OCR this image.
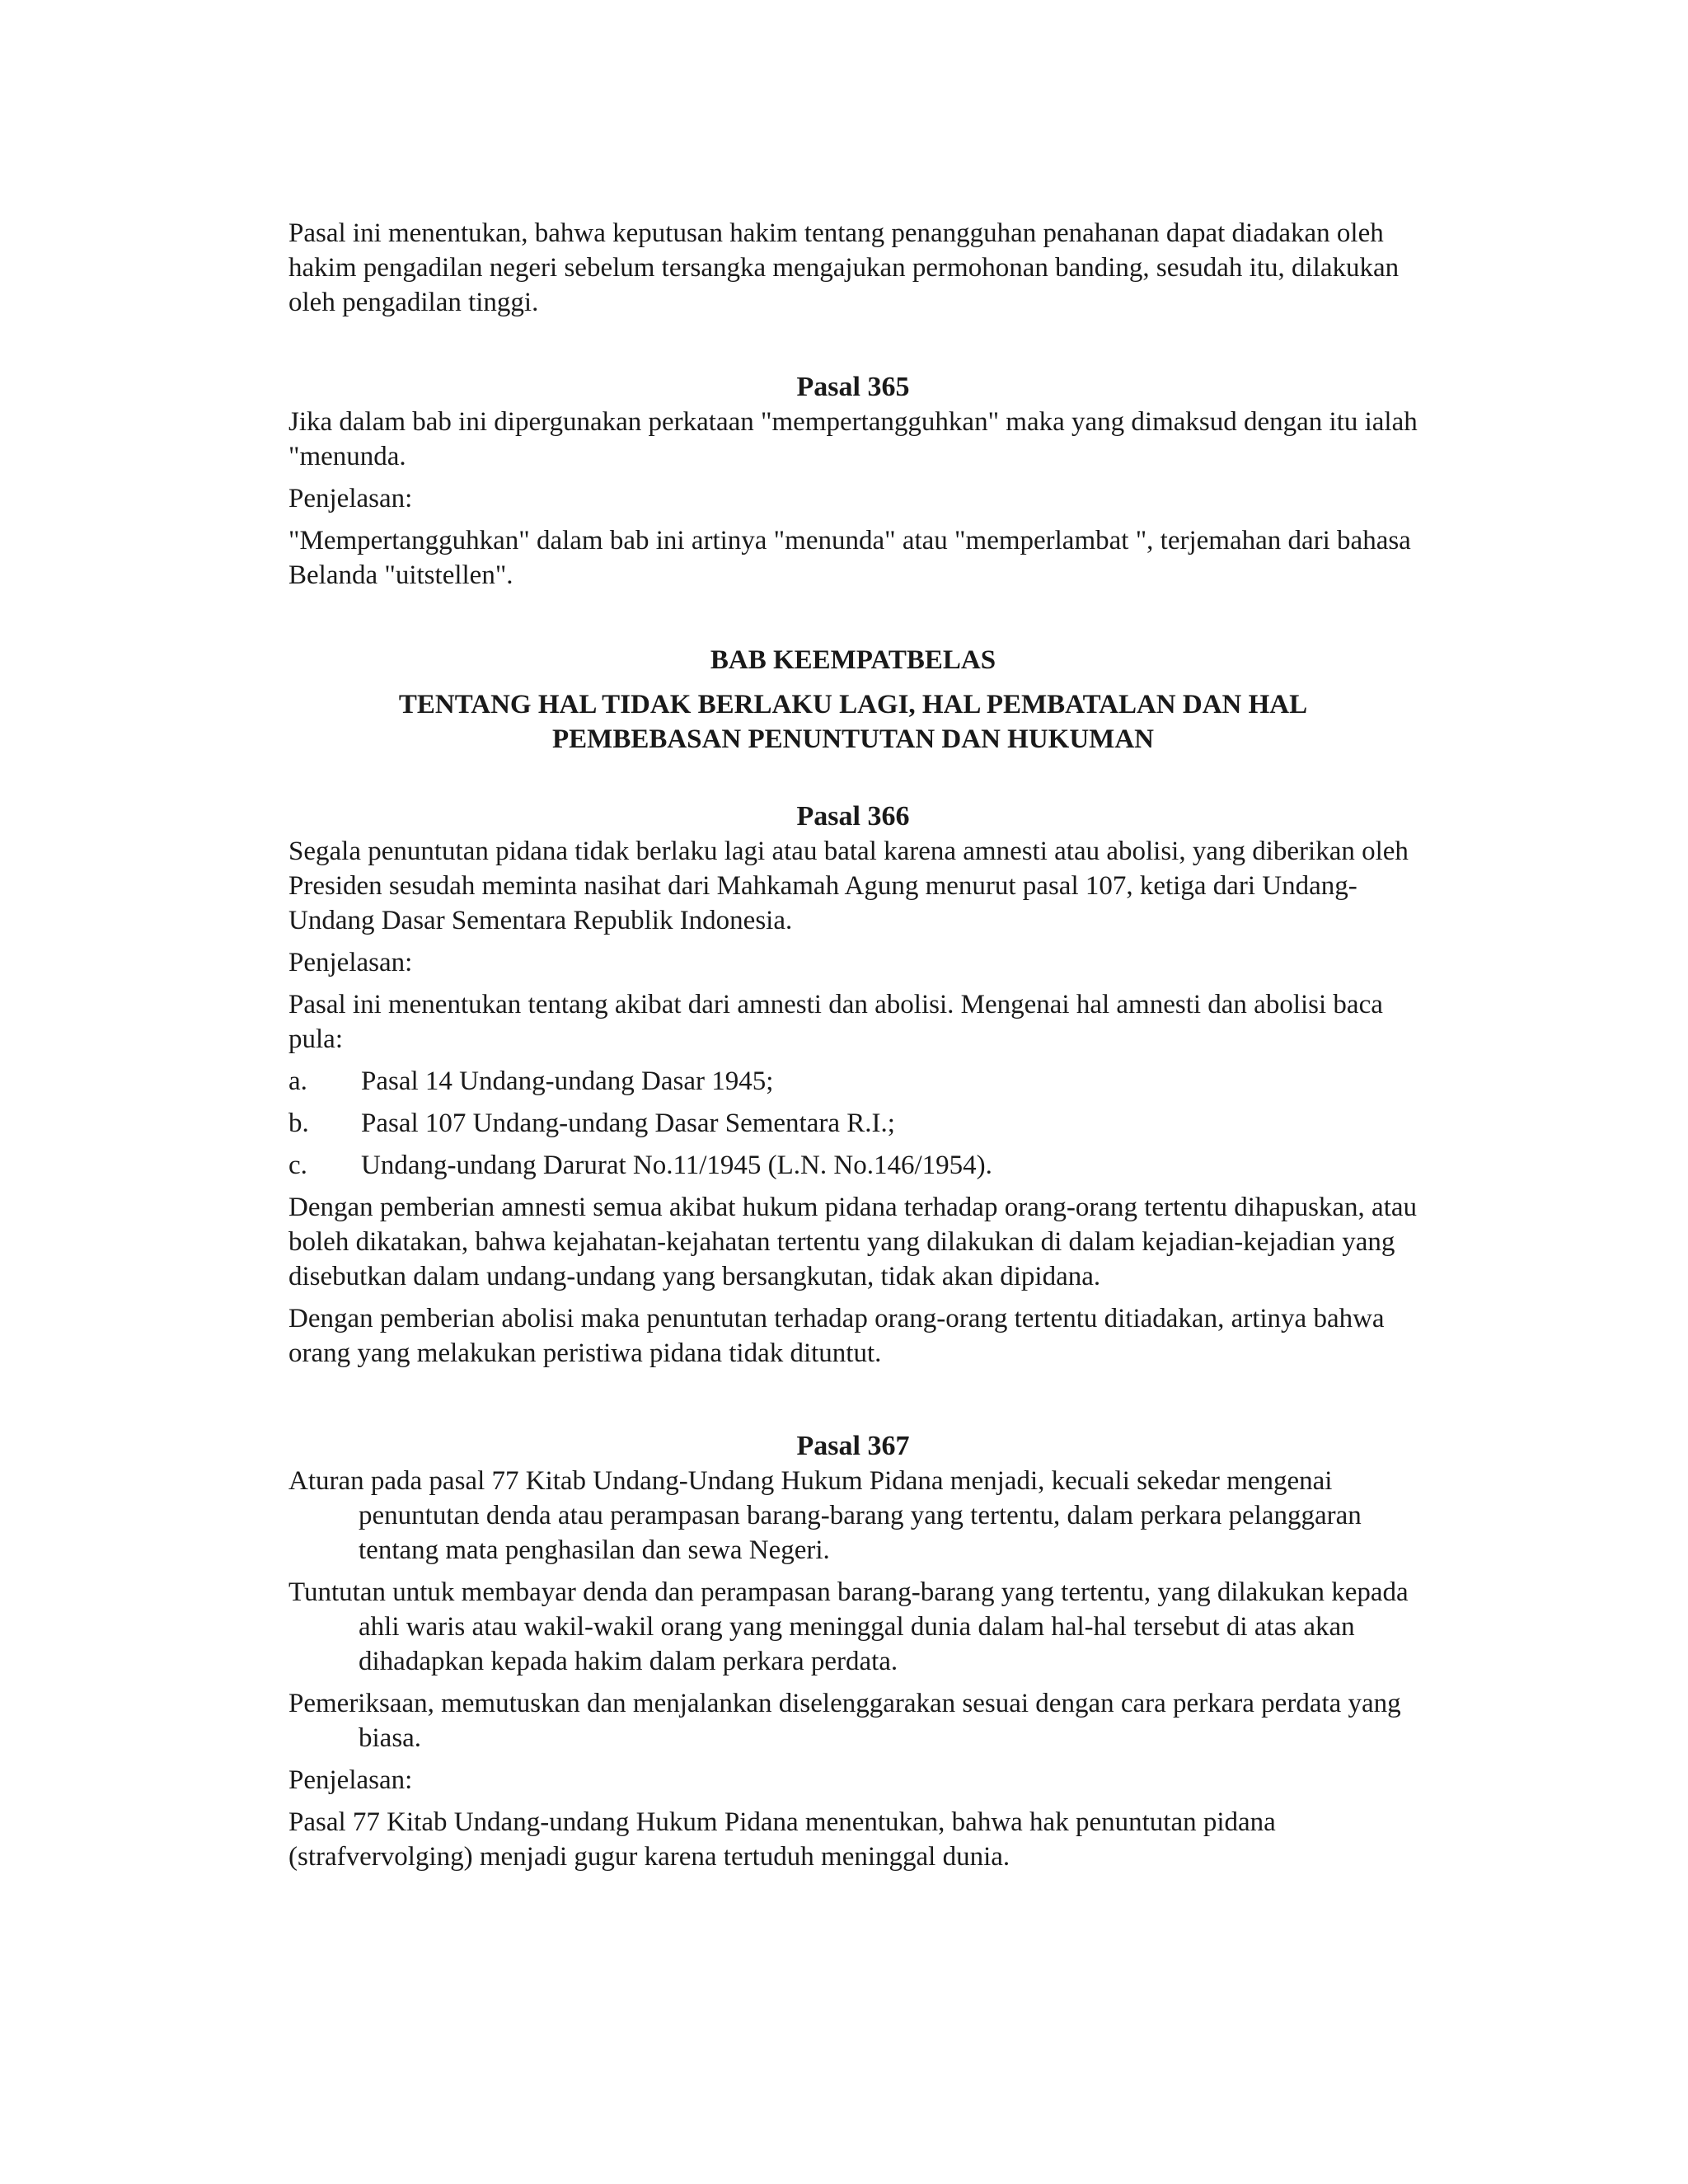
Pasal ini menentukan, bahwa keputusan hakim tentang penangguhan penahanan dapat diadakan oleh hakim pengadilan negeri sebelum tersangka mengajukan permohonan banding, sesudah itu, dilakukan oleh pengadilan tinggi.

Pasal 365

Jika dalam bab ini dipergunakan perkataan "mempertangguhkan" maka yang dimaksud dengan itu ialah "menunda.

Penjelasan:

"Mempertangguhkan" dalam bab ini artinya "menunda" atau "memperlambat ", terjemahan dari bahasa Belanda "uitstellen".

BAB KEEMPATBELAS

TENTANG HAL TIDAK BERLAKU LAGI, HAL PEMBATALAN DAN HAL

PEMBEBASAN PENUNTUTAN DAN HUKUMAN

Pasal 366

Segala penuntutan pidana tidak berlaku lagi atau batal karena amnesti atau abolisi, yang diberikan oleh Presiden sesudah meminta nasihat dari Mahkamah Agung menurut pasal 107, ketiga dari Undang-Undang Dasar Sementara Republik Indonesia.

Penjelasan:

Pasal ini menentukan tentang akibat dari amnesti dan abolisi. Mengenai hal amnesti dan abolisi baca pula:

a.	Pasal 14 Undang-undang Dasar 1945;
b.	Pasal 107 Undang-undang Dasar Sementara R.I.;
c.	Undang-undang Darurat No.11/1945 (L.N. No.146/1954).

Dengan pemberian amnesti semua akibat hukum pidana terhadap orang-orang tertentu dihapuskan, atau boleh dikatakan, bahwa kejahatan-kejahatan tertentu yang dilakukan di dalam kejadian-kejadian yang disebutkan dalam undang-undang yang bersangkutan, tidak akan dipidana.

Dengan pemberian abolisi maka penuntutan terhadap orang-orang tertentu ditiadakan, artinya bahwa orang yang melakukan peristiwa pidana tidak dituntut.

Pasal 367

Aturan pada pasal 77 Kitab Undang-Undang Hukum Pidana menjadi, kecuali sekedar mengenai penuntutan denda atau perampasan barang-barang yang tertentu, dalam perkara pelanggaran tentang mata penghasilan dan sewa Negeri.

Tuntutan untuk membayar denda dan perampasan barang-barang yang tertentu, yang dilakukan kepada ahli waris atau wakil-wakil orang yang meninggal dunia dalam hal-hal tersebut di atas akan dihadapkan kepada hakim dalam perkara perdata.

Pemeriksaan, memutuskan dan menjalankan diselenggarakan sesuai dengan cara perkara perdata yang biasa.

Penjelasan:

Pasal 77 Kitab Undang-undang Hukum Pidana menentukan, bahwa hak penuntutan pidana (strafvervolging) menjadi gugur karena tertuduh meninggal dunia.
